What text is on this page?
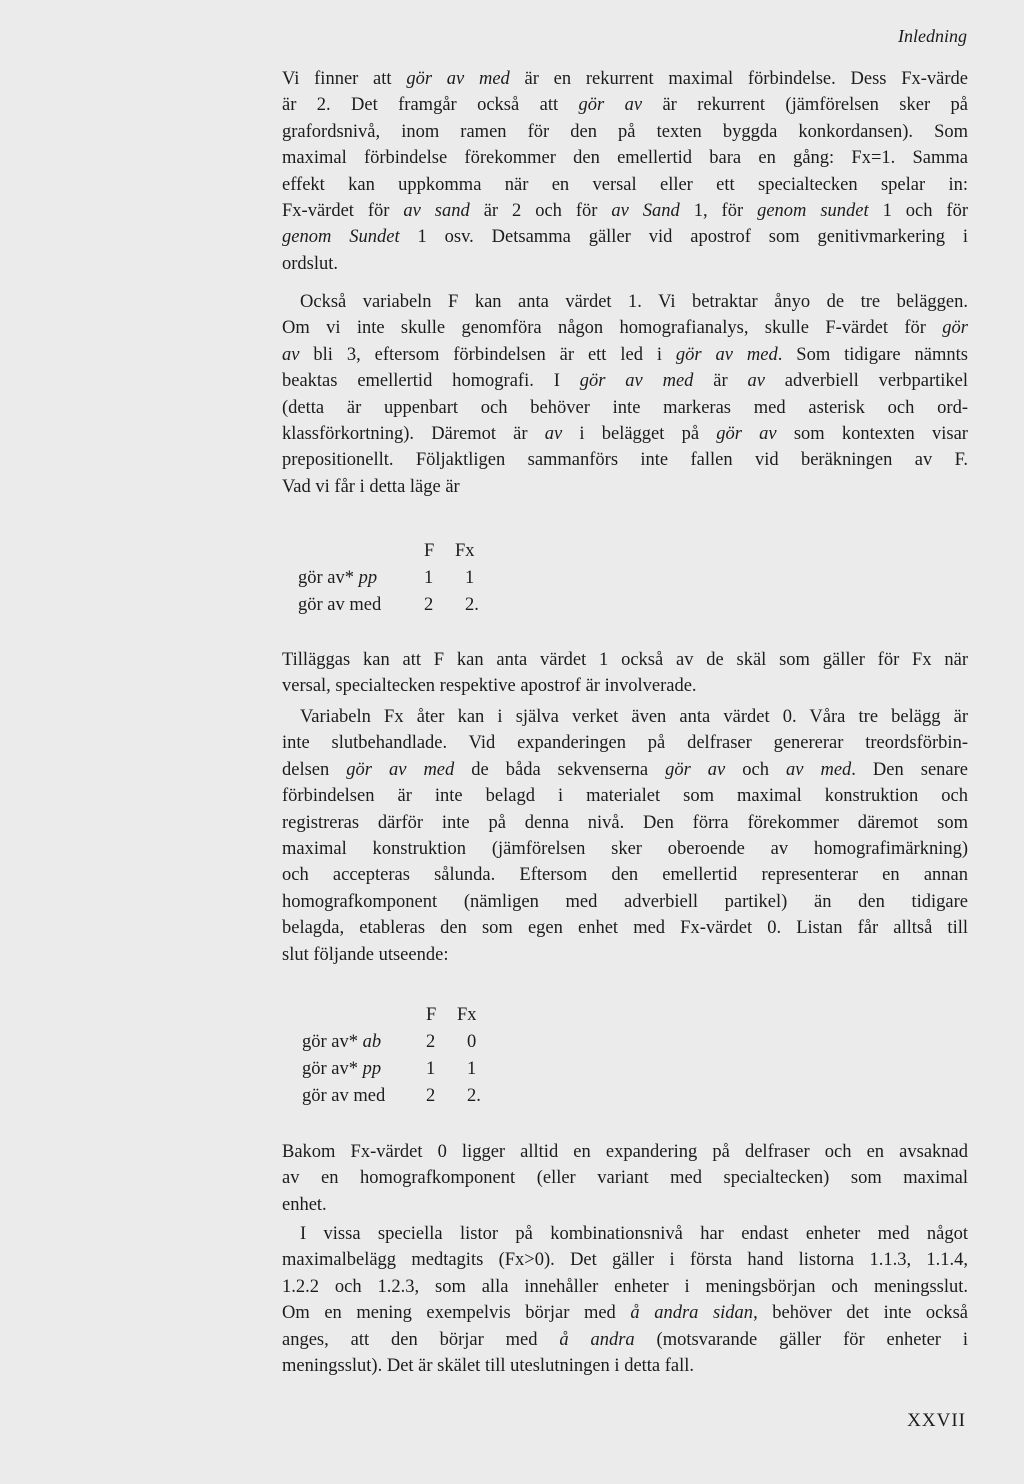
Inledning
Vi finner att gör av med är en rekurrent maximal förbindelse. Dess Fx-värde
är 2. Det framgår också att gör av är rekurrent (jämförelsen sker på
grafordsnivå, inom ramen för den på texten byggda konkordansen). Som
maximal förbindelse förekommer den emellertid bara en gång: Fx=1. Samma
effekt kan uppkomma när en versal eller ett specialtecken spelar in:
Fx-värdet för av sand är 2 och för av Sand 1, för genom sundet 1 och för
genom Sundet 1 osv. Detsamma gäller vid apostrof som genitivmarkering i
ordslut.
Också variabeln F kan anta värdet 1. Vi betraktar ånyo de tre beläggen.
Om vi inte skulle genomföra någon homografianalys, skulle F-värdet för gör
av bli 3, eftersom förbindelsen är ett led i gör av med. Som tidigare nämnts
beaktas emellertid homografi. I gör av med är av adverbiell verbpartikel
(detta är uppenbart och behöver inte markeras med asterisk och ord-
klassförkortning). Däremot är av i belägget på gör av som kontexten visar
prepositionellt. Följaktligen sammanförs inte fallen vid beräkningen av F.
Vad vi får i detta läge är
	F	Fx
gör av* pp	1	1
gör av med	2	2.
Tilläggas kan att F kan anta värdet 1 också av de skäl som gäller för Fx när
versal, specialtecken respektive apostrof är involverade.
Variabeln Fx åter kan i själva verket även anta värdet 0. Våra tre belägg är
inte slutbehandlade. Vid expanderingen på delfraser genererar treordsförbin-
delsen gör av med de båda sekvenserna gör av och av med. Den senare
förbindelsen är inte belagd i materialet som maximal konstruktion och
registreras därför inte på denna nivå. Den förra förekommer däremot som
maximal konstruktion (jämförelsen sker oberoende av homografimärkning)
och accepteras sålunda. Eftersom den emellertid representerar en annan
homografkomponent (nämligen med adverbiell partikel) än den tidigare
belagda, etableras den som egen enhet med Fx-värdet 0. Listan får alltså till
slut följande utseende:
	F	Fx
gör av* ab	2	0
gör av* pp	1	1
gör av med	2	2.
Bakom Fx-värdet 0 ligger alltid en expandering på delfraser och en avsaknad
av en homografkomponent (eller variant med specialtecken) som maximal
enhet.
I vissa speciella listor på kombinationsnivå har endast enheter med något
maximalbelägg medtagits (Fx>0). Det gäller i första hand listorna 1.1.3, 1.1.4,
1.2.2 och 1.2.3, som alla innehåller enheter i meningsbörjan och meningsslut.
Om en mening exempelvis börjar med å andra sidan, behöver det inte också
anges, att den börjar med å andra (motsvarande gäller för enheter i
meningsslut). Det är skälet till uteslutningen i detta fall.
XXVII
